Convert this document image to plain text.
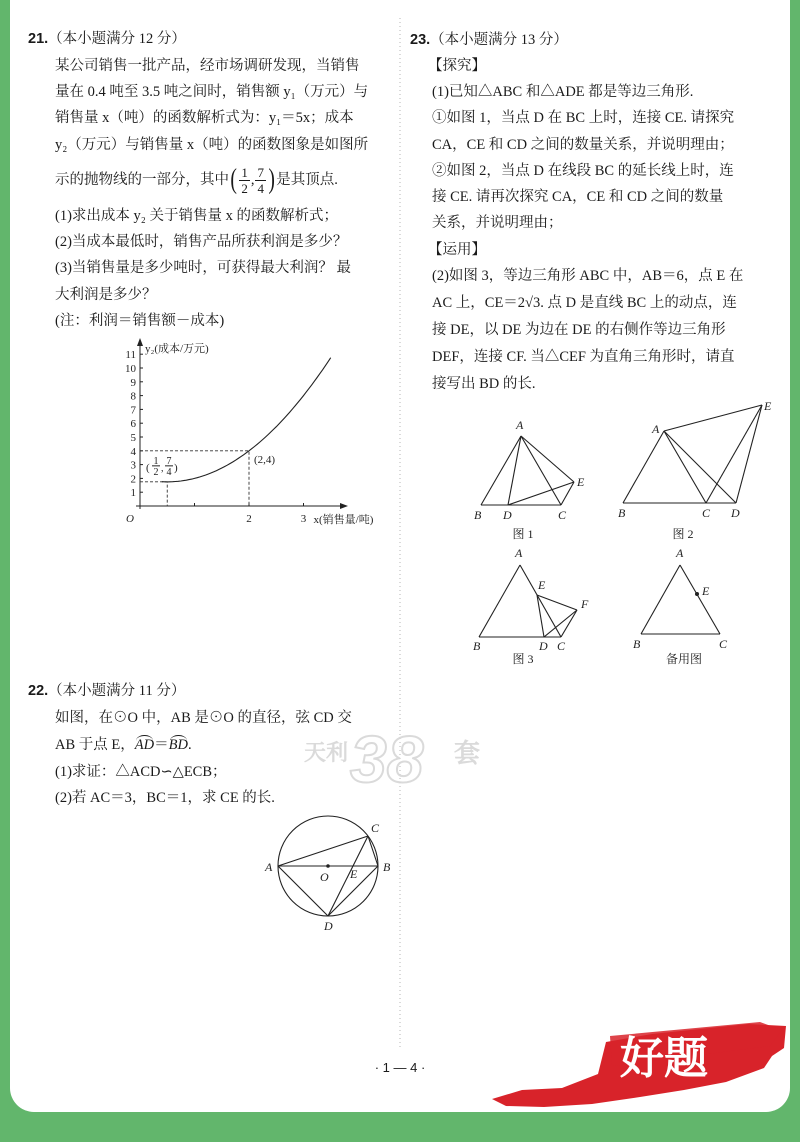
天利 38 套
1
2
3
4
5
6
7
8
9
10
11
2	3
O
y₂(成本/万元)
x(销售量/吨)
(2,4)
(
1
2 ,
7
4 )
A
O E B
C
D
A
B D	C
E
图 1
A
B	C D
E
图 2
A
E
F
B	D C
图 3
A
E
B	C
备用图
好题
21.（本小题满分 12 分）
某公司销售一批产品，经市场调研发现，当销售
量在 0.4 吨至 3.5 吨之间时，销售额 y₁（万元）与
销售量 x（吨）的函数解析式为：y₁＝5x；成本
y₂（万元）与销售量 x（吨）的函数图象是如图所
示的抛物线的一部分，其中 ( $\frac{1}{2}$ , $\frac{7}{4}$ ) 是其顶点.
(1)求出成本 y₂ 关于销售量 x 的函数解析式；
(2)当成本最低时，销售产品所获利润是多少？
(3)当销售量是多少吨时，可获得最大利润？ 最
大利润是多少？
(注：利润＝销售额－成本)
22.（本小题满分 11 分）
如图，在⊙O 中，AB 是⊙O 的直径，弦 CD 交
AB 于点 E，AD＝BD.
(1)求证：△ACD∽△ECB；
(2)若 AC＝3，BC＝1，求 CE 的长.
23.（本小题满分 13 分）
【探究】
(1)已知△ABC 和△ADE 都是等边三角形.
①如图 1，当点 D 在 BC 上时，连接 CE. 请探究
CA，CE 和 CD 之间的数量关系，并说明理由；
②如图 2，当点 D 在线段 BC 的延长线上时，连
接 CE. 请再次探究 CA，CE 和 CD 之间的数量
关系，并说明理由；
【运用】
(2)如图 3，等边三角形 ABC 中，AB＝6，点 E 在
AC 上，CE＝2√3. 点 D 是直线 BC 上的动点，连
接 DE，以 DE 为边在 DE 的右侧作等边三角形
DEF，连接 CF. 当△CEF 为直角三角形时，请直
接写出 BD 的长.
· 1 — 4 ·
